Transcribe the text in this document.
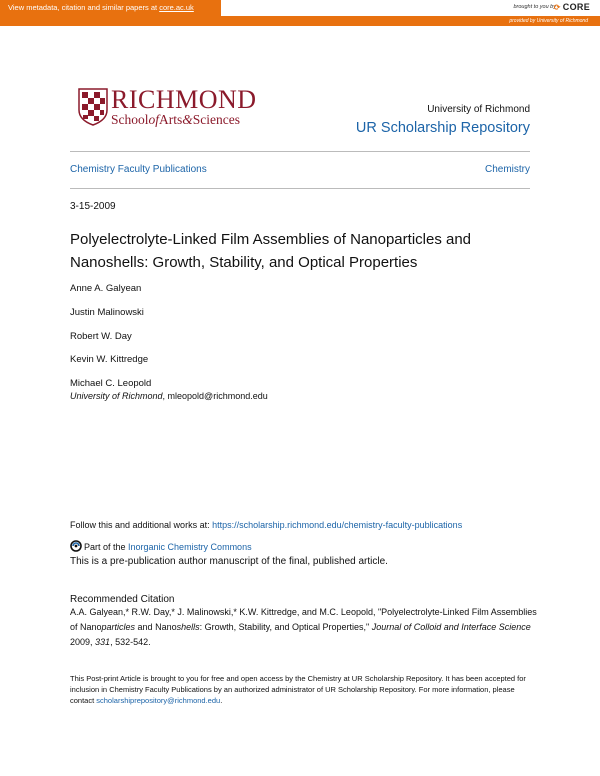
View metadata, citation and similar papers at core.ac.uk	brought to you by
⟳ CORE
provided by University of Richmond
RICHMOND
SchoolofArts&Sciences
University of Richmond
UR Scholarship Repository
Chemistry Faculty Publications	Chemistry
3-15-2009
Polyelectrolyte-Linked Film Assemblies of Nanoparticles and Nanoshells: Growth, Stability, and Optical Properties
Anne A. Galyean
Justin Malinowski
Robert W. Day
Kevin W. Kittredge
Michael C. Leopold
University of Richmond, mleopold@richmond.edu
Follow this and additional works at: https://scholarship.richmond.edu/chemistry-faculty-publications
Part of the Inorganic Chemistry Commons
This is a pre-publication author manuscript of the final, published article.
Recommended Citation
A.A. Galyean,* R.W. Day,* J. Malinowski,* K.W. Kittredge, and M.C. Leopold, "Polyelectrolyte-Linked Film Assemblies of Nanoparticles and Nanoshells: Growth, Stability, and Optical Properties," Journal of Colloid and Interface Science 2009, 331, 532-542.
This Post-print Article is brought to you for free and open access by the Chemistry at UR Scholarship Repository. It has been accepted for inclusion in Chemistry Faculty Publications by an authorized administrator of UR Scholarship Repository. For more information, please contact scholarshiprepository@richmond.edu.
